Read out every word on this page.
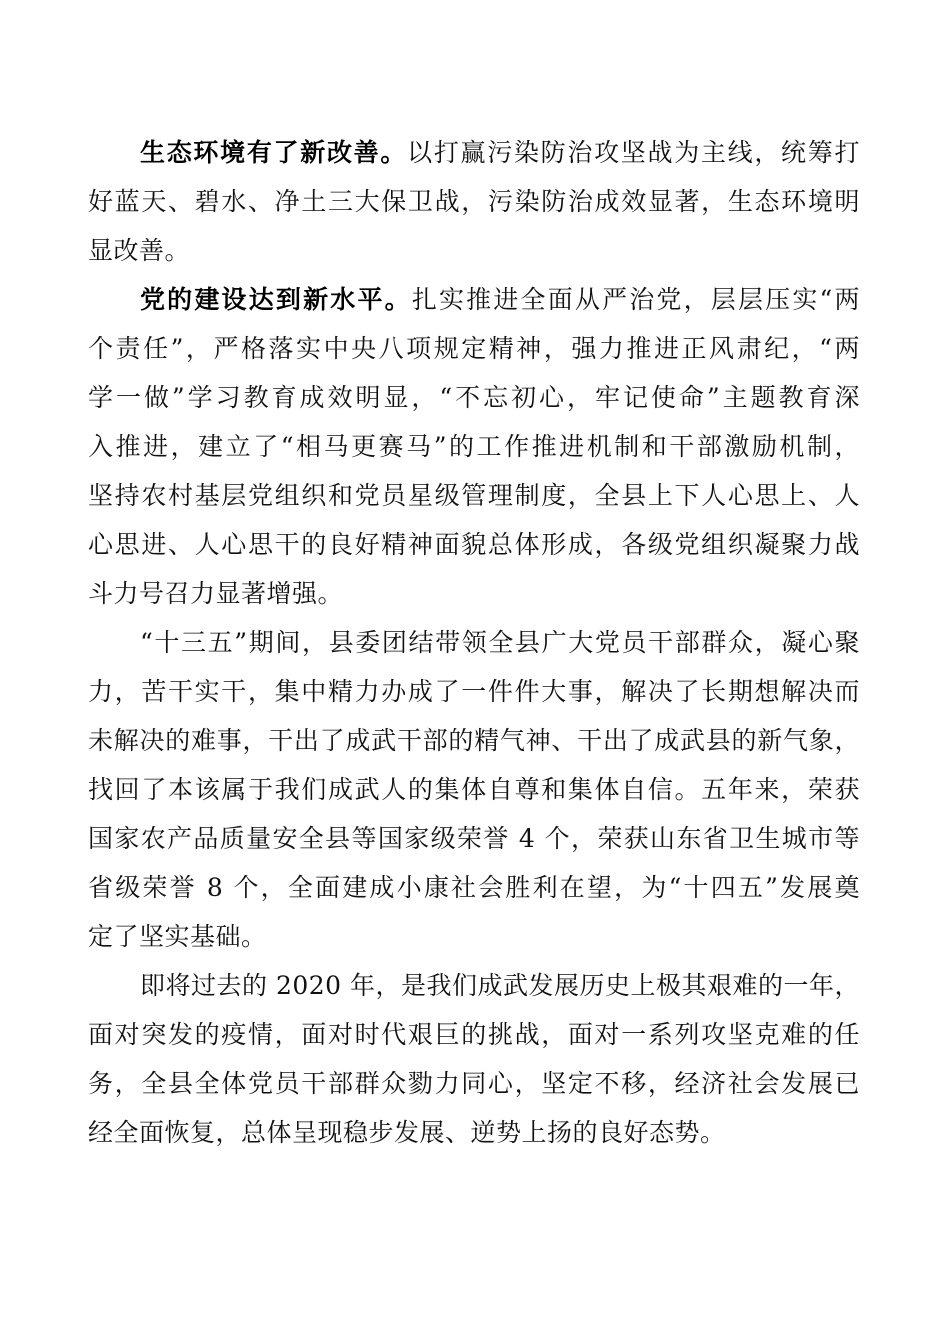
生态环境有了新改善。以打赢污染防治攻坚战为主线，统筹打
好蓝天、碧水、净土三大保卫战，污染防治成效显著，生态环境明
显改善。
党的建设达到新水平。扎实推进全面从严治党，层层压实“两
个责任”，严格落实中央八项规定精神，强力推进正风肃纪，“两
学一做”学习教育成效明显，“不忘初心，牢记使命”主题教育深
入推进，建立了“相马更赛马”的工作推进机制和干部激励机制，
坚持农村基层党组织和党员星级管理制度，全县上下人心思上、人
心思进、人心思干的良好精神面貌总体形成，各级党组织凝聚力战
斗力号召力显著增强。
“十三五”期间，县委团结带领全县广大党员干部群众，凝心聚
力，苦干实干，集中精力办成了一件件大事，解决了长期想解决而
未解决的难事，干出了成武干部的精气神、干出了成武县的新气象，
找回了本该属于我们成武人的集体自尊和集体自信。五年来，荣获
国家农产品质量安全县等国家级荣誉 4 个，荣获山东省卫生城市等
省级荣誉 8 个，全面建成小康社会胜利在望，为“十四五”发展奠
定了坚实基础。
即将过去的 2020 年，是我们成武发展历史上极其艰难的一年，
面对突发的疫情，面对时代艰巨的挑战，面对一系列攻坚克难的任
务，全县全体党员干部群众勠力同心，坚定不移，经济社会发展已
经全面恢复，总体呈现稳步发展、逆势上扬的良好态势。
